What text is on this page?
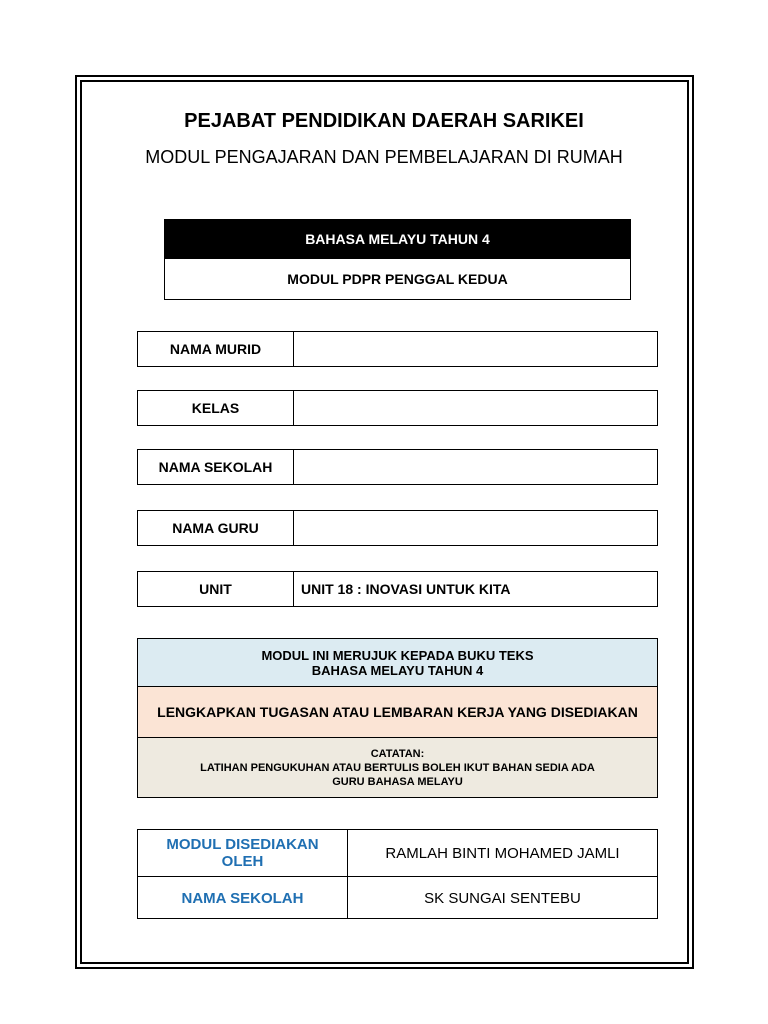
PEJABAT PENDIDIKAN DAERAH SARIKEI
MODUL PENGAJARAN DAN PEMBELAJARAN DI RUMAH
BAHASA MELAYU TAHUN 4
MODUL PDPR PENGGAL KEDUA
NAMA MURID
KELAS
NAMA SEKOLAH
NAMA GURU
UNIT	UNIT 18 : INOVASI UNTUK KITA
MODUL INI MERUJUK KEPADA BUKU TEKS
BAHASA MELAYU TAHUN 4
LENGKAPKAN TUGASAN ATAU LEMBARAN KERJA YANG DISEDIAKAN
CATATAN:
LATIHAN PENGUKUHAN ATAU BERTULIS BOLEH IKUT BAHAN SEDIA ADA
GURU BAHASA MELAYU
MODUL DISEDIAKAN OLEH	RAMLAH BINTI MOHAMED JAMLI
NAMA SEKOLAH	SK SUNGAI SENTEBU
